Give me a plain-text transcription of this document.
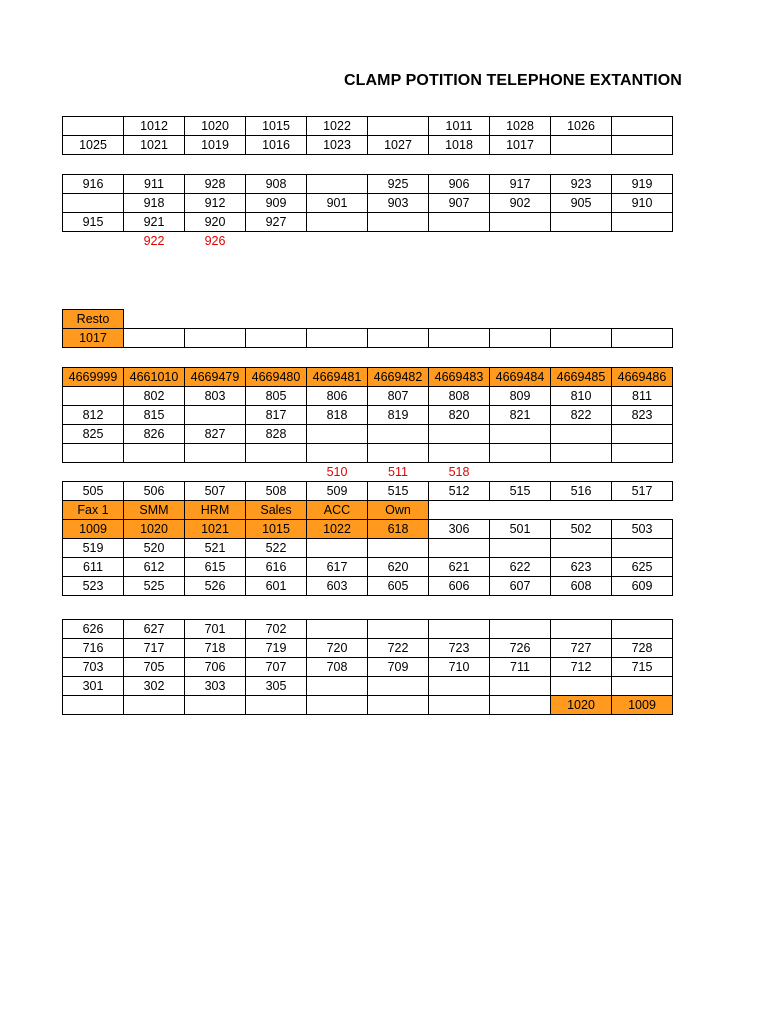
CLAMP POTITION TELEPHONE EXTANTION
	1012	1020	1015	1022		1011	1028	1026	
1025	1021	1019	1016	1023	1027	1018	1017		
916	911	928	908		925	906	917	923	919
	918	912	909	901	903	907	902	905	910
915	921	920	927						
	922	926							
Resto									
1017									
4669999	4661010	4669479	4669480	4669481	4669482	4669483	4669484	4669485	4669486
	802	803	805	806	807	808	809	810	811
812	815		817	818	819	820	821	822	823
825	826	827	828						

				510	511	518			
505	506	507	508	509	515	512	515	516	517
Fax 1	SMM	HRM	Sales	ACC	Own				
1009	1020	1021	1015	1022	618	306	501	502	503
519	520	521	522						
611	612	615	616	617	620	621	622	623	625
523	525	526	601	603	605	606	607	608	609
626	627	701	702						
716	717	718	719	720	722	723	726	727	728
703	705	706	707	708	709	710	711	712	715
301	302	303	305						
								1020	1009
